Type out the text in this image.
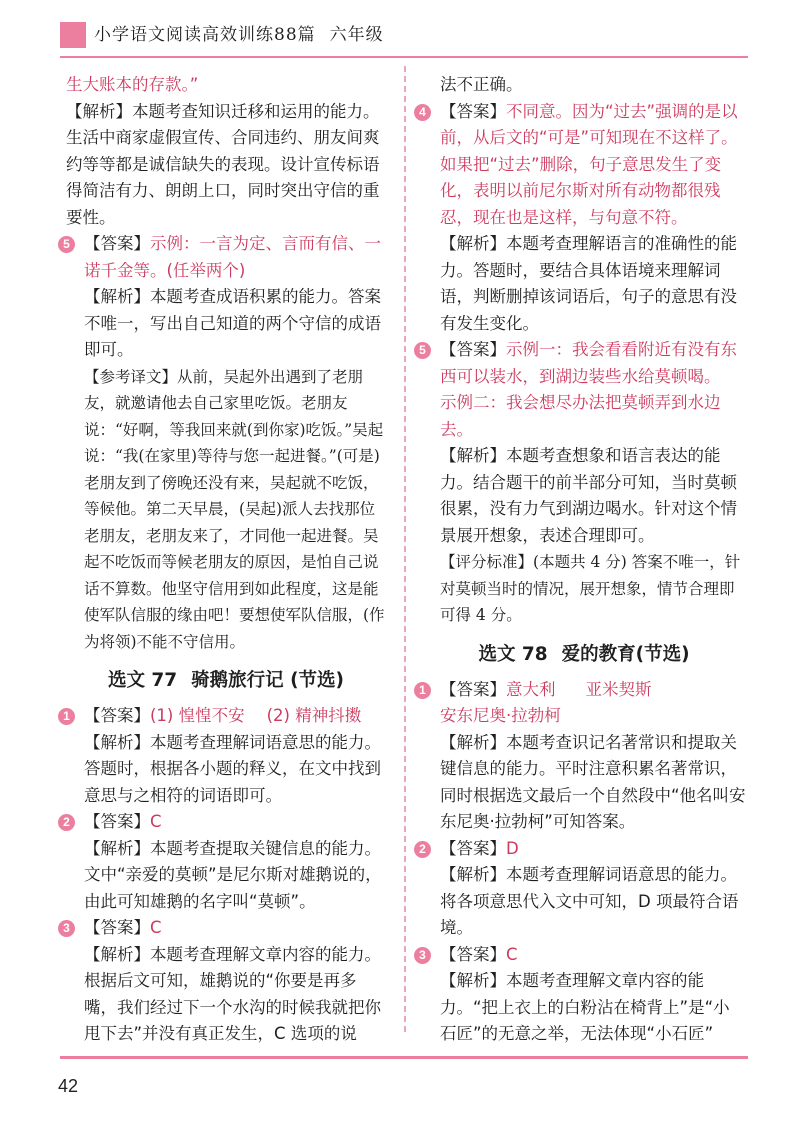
小学语文阅读高效训练88篇 六年级

生大账本的存款。”

【解析】本题考查知识迁移和运用的能力。生活中商家虚假宣传、合同违约、朋友间爽约等等都是诚信缺失的表现。设计宣传标语得简洁有力、朗朗上口，同时突出守信的重要性。

5 【答案】示例：一言为定、言而有信、一诺千金等。(任举两个)

【解析】本题考查成语积累的能力。答案不唯一，写出自己知道的两个守信的成语即可。

【参考译文】从前，吴起外出遇到了老朋友，就邀请他去自己家里吃饭。老朋友说：“好啊，等我回来就(到你家)吃饭。”吴起说：“我(在家里)等待与您一起进餐。”(可是)老朋友到了傍晚还没有来，吴起就不吃饭，等候他。第二天早晨，(吴起)派人去找那位老朋友，老朋友来了，才同他一起进餐。吴起不吃饭而等候老朋友的原因，是怕自己说话不算数。他坚守信用到如此程度，这是能使军队信服的缘由吧！要想使军队信服，(作为将领)不能不守信用。

选文 77 骑鹅旅行记 (节选)
1 【答案】(1) 惶惶不安 (2) 精神抖擞

【解析】本题考查理解词语意思的能力。答题时，根据各小题的释义，在文中找到意思与之相符的词语即可。

2 【答案】C

【解析】本题考查提取关键信息的能力。文中“亲爱的莫顿”是尼尔斯对雄鹅说的，由此可知雄鹅的名字叫“莫顿”。

3 【答案】C

【解析】本题考查理解文章内容的能力。根据后文可知，雄鹅说的“你要是再多嘴，我们经过下一个水沟的时候我就把你甩下去”并没有真正发生，C 选项的说

法不正确。

4 【答案】不同意。因为“过去”强调的是以前，从后文的“可是”可知现在不这样了。如果把“过去”删除，句子意思发生了变化，表明以前尼尔斯对所有动物都很残忍，现在也是这样，与句意不符。

【解析】本题考查理解语言的准确性的能力。答题时，要结合具体语境来理解词语，判断删掉该词语后，句子的意思有没有发生变化。

5 【答案】示例一：我会看看附近有没有东西可以装水，到湖边装些水给莫顿喝。

示例二：我会想尽办法把莫顿弄到水边去。

【解析】本题考查想象和语言表达的能力。结合题干的前半部分可知，当时莫顿很累，没有力气到湖边喝水。针对这个情景展开想象，表述合理即可。

【评分标准】(本题共 4 分) 答案不唯一，针对莫顿当时的情况，展开想象，情节合理即可得 4 分。

选文 78 爱的教育(节选)
1 【答案】意大利 亚米契斯

安东尼奥·拉勃柯

【解析】本题考查识记名著常识和提取关键信息的能力。平时注意积累名著常识，同时根据选文最后一个自然段中“他名叫安东尼奥·拉勃柯”可知答案。

2 【答案】D

【解析】本题考查理解词语意思的能力。将各项意思代入文中可知，D 项最符合语境。

3 【答案】C

【解析】本题考查理解文章内容的能力。“把上衣上的白粉沾在椅背上”是“小石匠”的无意之举，无法体现“小石匠”

42
